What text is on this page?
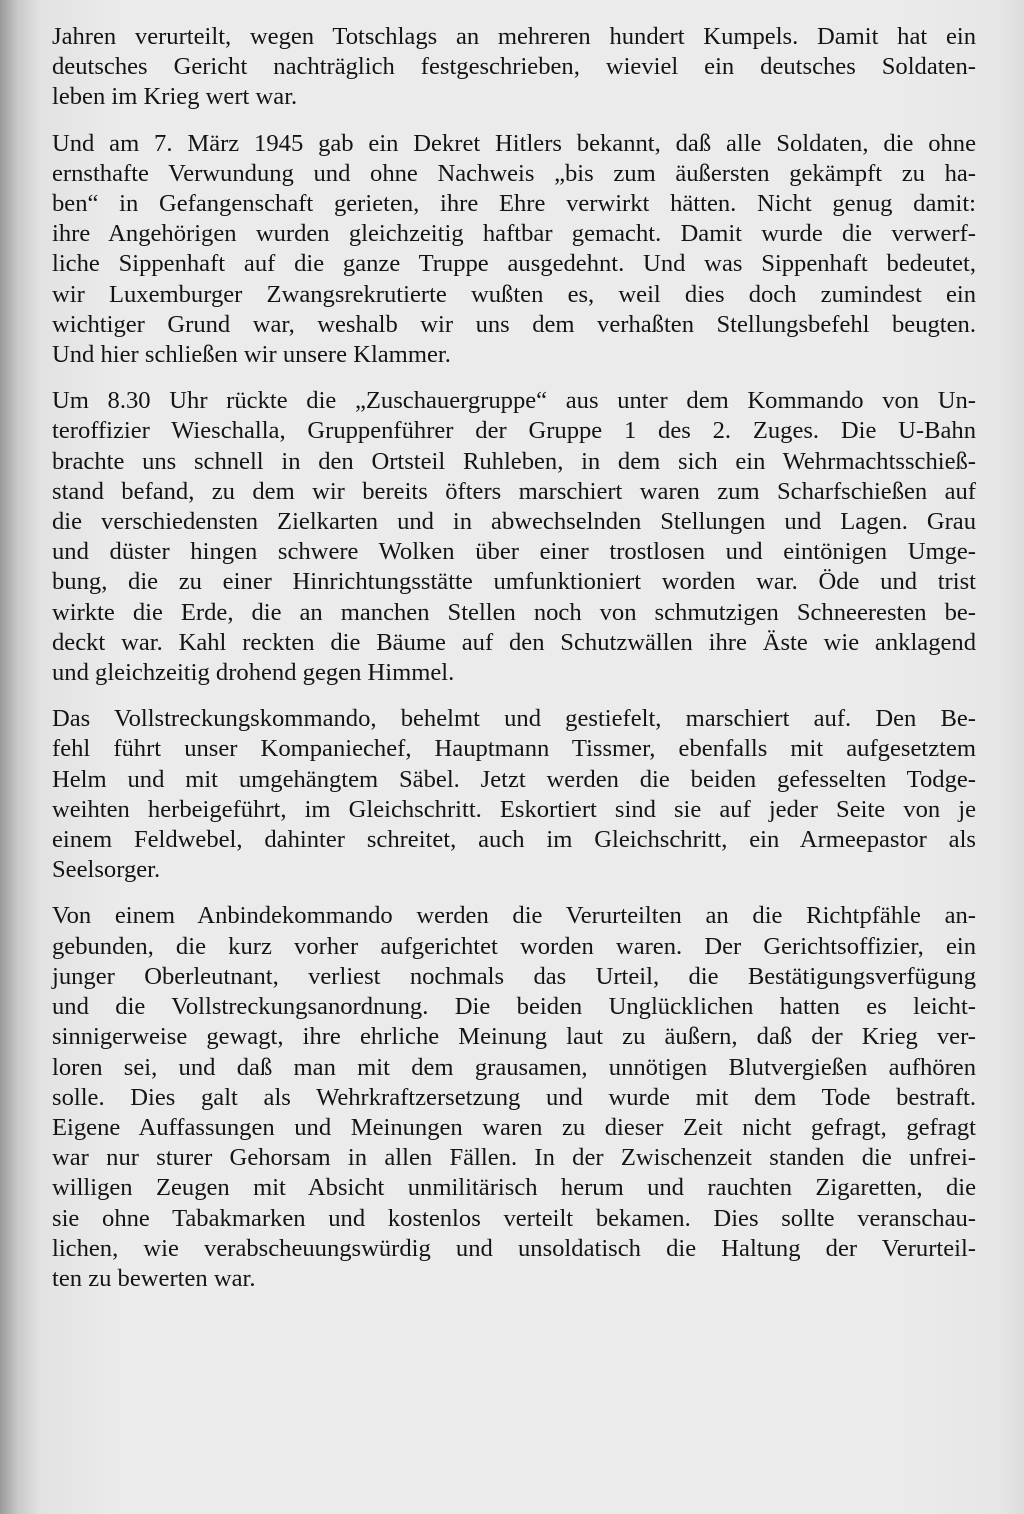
Jahren verurteilt, wegen Totschlags an mehreren hundert Kumpels. Damit hat ein
deutsches Gericht nachträglich festgeschrieben, wieviel ein deutsches Soldaten-
leben im Krieg wert war.

Und am 7. März 1945 gab ein Dekret Hitlers bekannt, daß alle Soldaten, die ohne
ernsthafte Verwundung und ohne Nachweis „bis zum äußersten gekämpft zu ha-
ben“ in Gefangenschaft gerieten, ihre Ehre verwirkt hätten. Nicht genug damit:
ihre Angehörigen wurden gleichzeitig haftbar gemacht. Damit wurde die verwerf-
liche Sippenhaft auf die ganze Truppe ausgedehnt. Und was Sippenhaft bedeutet,
wir Luxemburger Zwangsrekrutierte wußten es, weil dies doch zumindest ein
wichtiger Grund war, weshalb wir uns dem verhaßten Stellungsbefehl beugten.
Und hier schließen wir unsere Klammer.

Um 8.30 Uhr rückte die „Zuschauergruppe“ aus unter dem Kommando von Un-
teroffizier Wieschalla, Gruppenführer der Gruppe 1 des 2. Zuges. Die U-Bahn
brachte uns schnell in den Ortsteil Ruhleben, in dem sich ein Wehrmachtsschieß-
stand befand, zu dem wir bereits öfters marschiert waren zum Scharfschießen auf
die verschiedensten Zielkarten und in abwechselnden Stellungen und Lagen. Grau
und düster hingen schwere Wolken über einer trostlosen und eintönigen Umge-
bung, die zu einer Hinrichtungsstätte umfunktioniert worden war. Öde und trist
wirkte die Erde, die an manchen Stellen noch von schmutzigen Schneeresten be-
deckt war. Kahl reckten die Bäume auf den Schutzwällen ihre Äste wie anklagend
und gleichzeitig drohend gegen Himmel.

Das Vollstreckungskommando, behelmt und gestiefelt, marschiert auf. Den Be-
fehl führt unser Kompaniechef, Hauptmann Tissmer, ebenfalls mit aufgesetztem
Helm und mit umgehängtem Säbel. Jetzt werden die beiden gefesselten Todge-
weihten herbeigeführt, im Gleichschritt. Eskortiert sind sie auf jeder Seite von je
einem Feldwebel, dahinter schreitet, auch im Gleichschritt, ein Armeepastor als
Seelsorger.

Von einem Anbindekommando werden die Verurteilten an die Richtpfähle an-
gebunden, die kurz vorher aufgerichtet worden waren. Der Gerichtsoffizier, ein
junger Oberleutnant, verliest nochmals das Urteil, die Bestätigungsverfügung
und die Vollstreckungsanordnung. Die beiden Unglücklichen hatten es leicht-
sinnigerweise gewagt, ihre ehrliche Meinung laut zu äußern, daß der Krieg ver-
loren sei, und daß man mit dem grausamen, unnötigen Blutvergießen aufhören
solle. Dies galt als Wehrkraftzersetzung und wurde mit dem Tode bestraft.
Eigene Auffassungen und Meinungen waren zu dieser Zeit nicht gefragt, gefragt
war nur sturer Gehorsam in allen Fällen. In der Zwischenzeit standen die unfrei-
willigen Zeugen mit Absicht unmilitärisch herum und rauchten Zigaretten, die
sie ohne Tabakmarken und kostenlos verteilt bekamen. Dies sollte veranschau-
lichen, wie verabscheuungswürdig und unsoldatisch die Haltung der Verurteil-
ten zu bewerten war.
